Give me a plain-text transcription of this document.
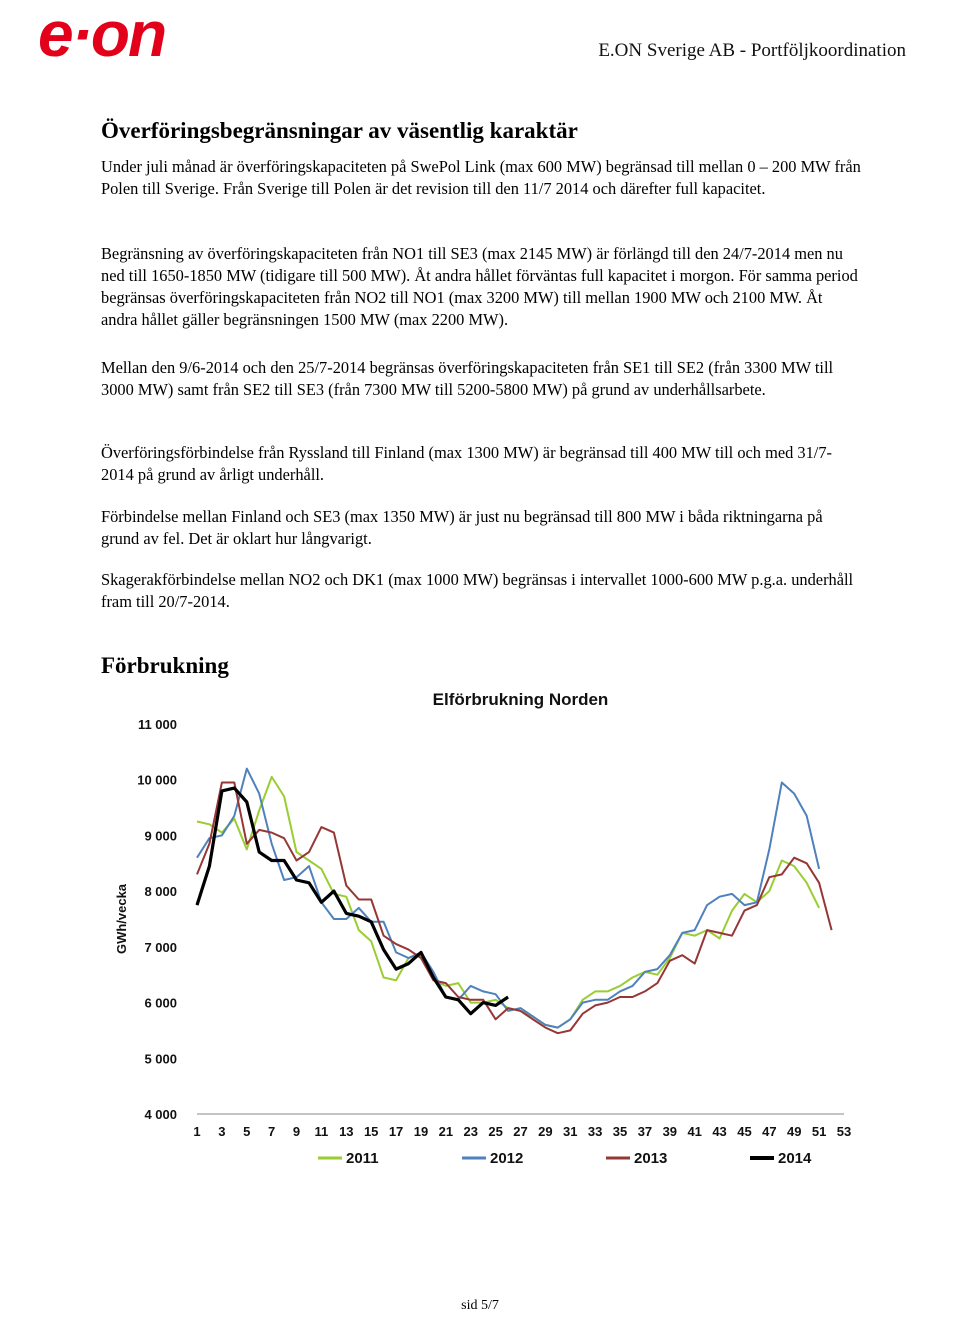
e·on	E.ON Sverige AB - Portföljkoordination
Överföringsbegränsningar av väsentlig karaktär

Under juli månad är överföringskapaciteten på SwePol Link (max 600 MW) begränsad till mellan 0 – 200 MW från Polen till Sverige. Från Sverige till Polen är det revision till den 11/7 2014 och därefter full kapacitet.

Begränsning av överföringskapaciteten från NO1 till SE3 (max 2145 MW) är förlängd till den 24/7-2014 men nu ned till 1650-1850 MW (tidigare till 500 MW). Åt andra hållet förväntas full kapacitet i morgon. För samma period begränsas överföringskapaciteten från NO2 till NO1 (max 3200 MW) till mellan 1900 MW och 2100 MW. Åt andra hållet gäller begränsningen 1500 MW (max 2200 MW).

Mellan den 9/6-2014 och den 25/7-2014 begränsas överföringskapaciteten från SE1 till SE2 (från 3300 MW till 3000 MW) samt från SE2 till SE3 (från 7300 MW till 5200-5800 MW) på grund av underhållsarbete.

Överföringsförbindelse från Ryssland till Finland (max 1300 MW) är begränsad till 400 MW till och med 31/7-2014 på grund av årligt underhåll.

Förbindelse mellan Finland och SE3 (max 1350 MW) är just nu begränsad till 800 MW i båda riktningarna på grund av fel. Det är oklart hur långvarigt.

Skagerakförbindelse mellan NO2 och DK1 (max 1000 MW) begränsas i intervallet 1000-600 MW p.g.a. underhåll fram till 20/7-2014.

Förbrukning
Elförbrukning Norden
GWh/vecka
4 000
5 000
6 000
7 000
8 000
9 000
10 000
11 000
1 3 5 7 9 11 13 15 17 19 21 23 25 27 29 31 33 35 37 39 41 43 45 47 49 51 53
2011	2012	2013	2014
sid 5/7
